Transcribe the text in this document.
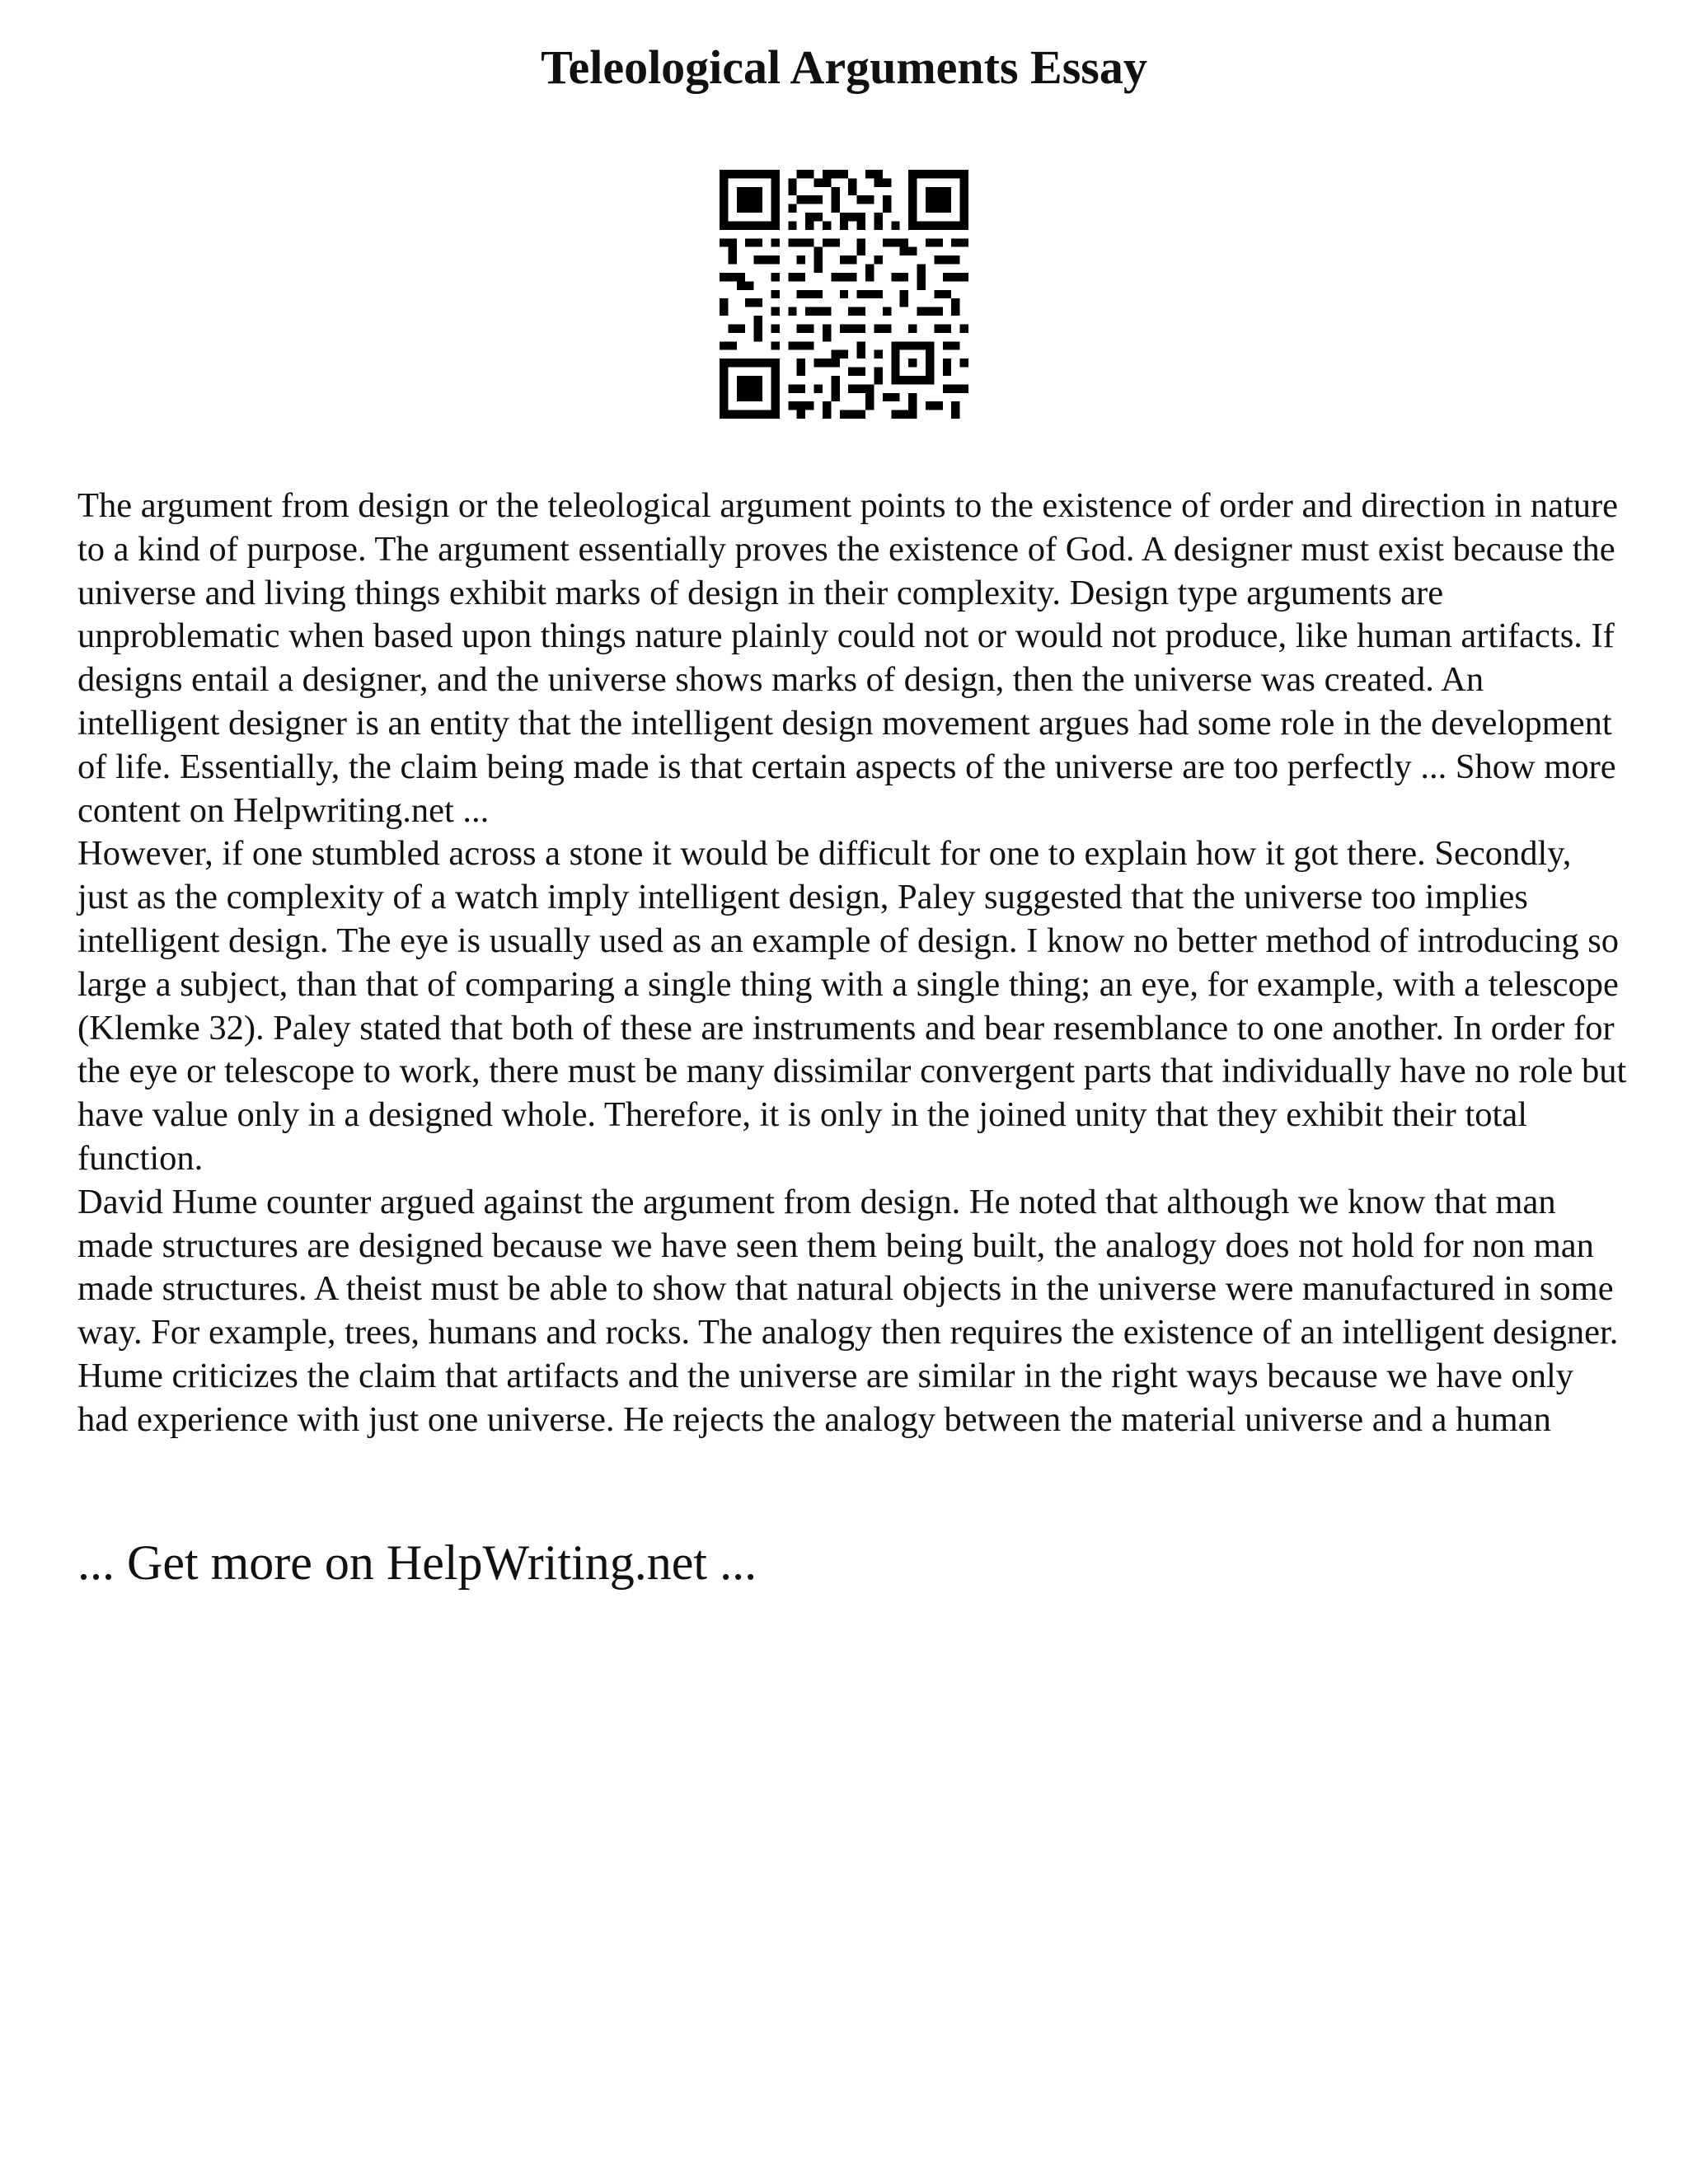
Teleological Arguments Essay

The argument from design or the teleological argument points to the existence of order and direction in nature to a kind of purpose. The argument essentially proves the existence of God. A designer must exist because the universe and living things exhibit marks of design in their complexity. Design type arguments are unproblematic when based upon things nature plainly could not or would not produce, like human artifacts. If designs entail a designer, and the universe shows marks of design, then the universe was created. An intelligent designer is an entity that the intelligent design movement argues had some role in the development of life. Essentially, the claim being made is that certain aspects of the universe are too perfectly ... Show more content on Helpwriting.net ...

However, if one stumbled across a stone it would be difficult for one to explain how it got there. Secondly, just as the complexity of a watch imply intelligent design, Paley suggested that the universe too implies intelligent design. The eye is usually used as an example of design. I know no better method of introducing so large a subject, than that of comparing a single thing with a single thing; an eye, for example, with a telescope (Klemke 32). Paley stated that both of these are instruments and bear resemblance to one another. In order for the eye or telescope to work, there must be many dissimilar convergent parts that individually have no role but have value only in a designed whole. Therefore, it is only in the joined unity that they exhibit their total function.

David Hume counter argued against the argument from design. He noted that although we know that man made structures are designed because we have seen them being built, the analogy does not hold for non man made structures. A theist must be able to show that natural objects in the universe were manufactured in some way. For example, trees, humans and rocks. The analogy then requires the existence of an intelligent designer. Hume criticizes the claim that artifacts and the universe are similar in the right ways because we have only had experience with just one universe. He rejects the analogy between the material universe and a human

... Get more on HelpWriting.net ...
